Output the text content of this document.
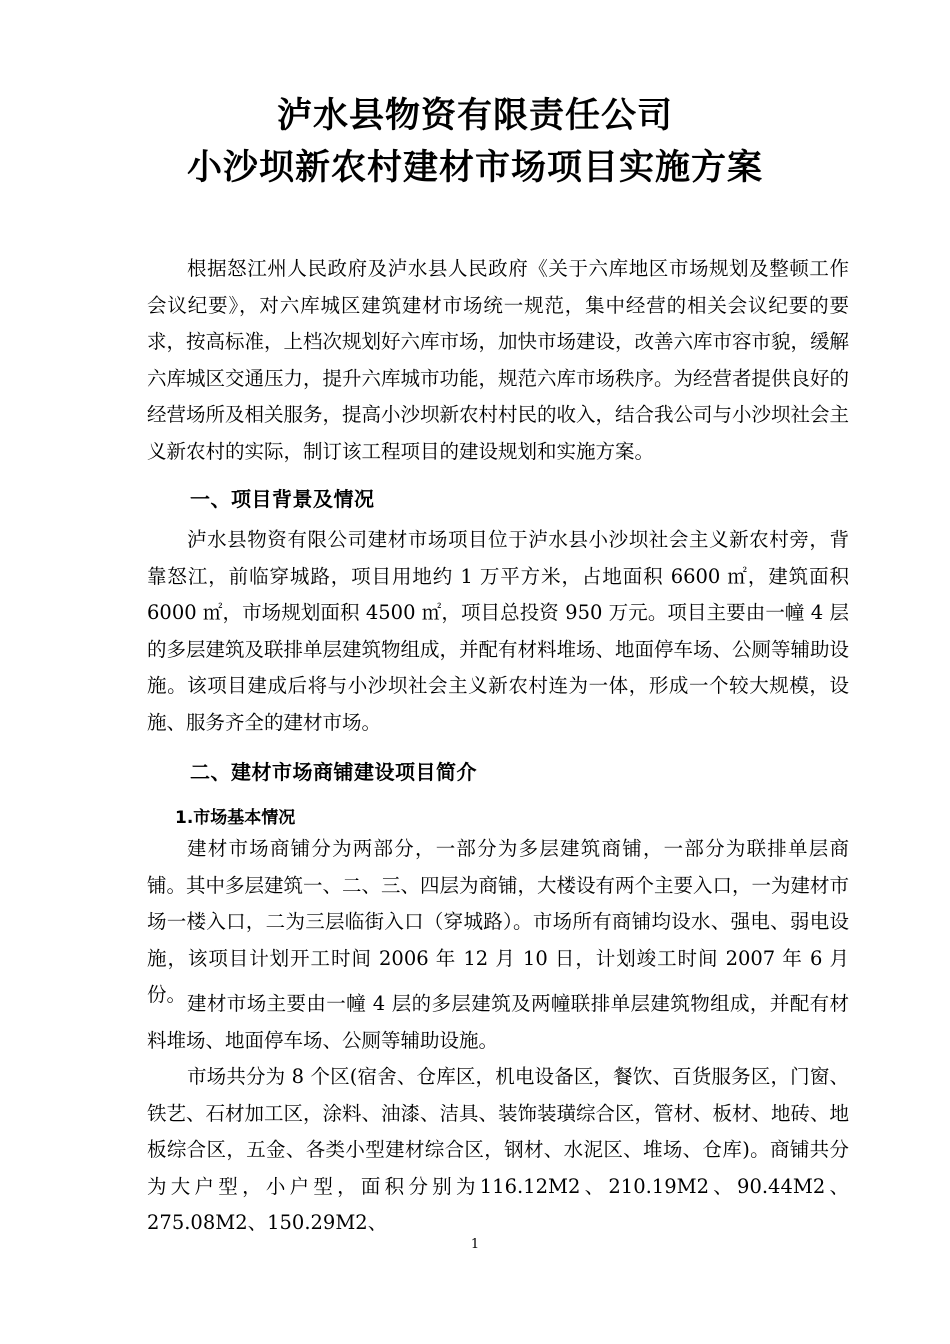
泸水县物资有限责任公司
小沙坝新农村建材市场项目实施方案

根据怒江州人民政府及泸水县人民政府《关于六库地区市场规划及整顿工作会议纪要》，对六库城区建筑建材市场统一规范，集中经营的相关会议纪要的要求，按高标准，上档次规划好六库市场，加快市场建设，改善六库市容市貌，缓解六库城区交通压力，提升六库城市功能，规范六库市场秩序。为经营者提供良好的经营场所及相关服务，提高小沙坝新农村村民的收入，结合我公司与小沙坝社会主义新农村的实际，制订该工程项目的建设规划和实施方案。

一、项目背景及情况

泸水县物资有限公司建材市场项目位于泸水县小沙坝社会主义新农村旁，背靠怒江，前临穿城路，项目用地约 1 万平方米，占地面积 6600 ㎡，建筑面积 6000 ㎡，市场规划面积 4500 ㎡，项目总投资 950 万元。项目主要由一幢 4 层的多层建筑及联排单层建筑物组成，并配有材料堆场、地面停车场、公厕等辅助设施。该项目建成后将与小沙坝社会主义新农村连为一体，形成一个较大规模，设施、服务齐全的建材市场。

二、建材市场商铺建设项目简介
1.市场基本情况

建材市场商铺分为两部分，一部分为多层建筑商铺，一部分为联排单层商铺。其中多层建筑一、二、三、四层为商铺，大楼设有两个主要入口，一为建材市场一楼入口，二为三层临街入口（穿城路）。市场所有商铺均设水、强电、弱电设施，该项目计划开工时间 2006 年 12 月 10 日，计划竣工时间 2007 年 6 月份。 建材市场主要由一幢 4 层的多层建筑及两幢联排单层建筑物组成，并配有材料堆场、地面停车场、公厕等辅助设施。

市场共分为 8 个区(宿舍、仓库区，机电设备区，餐饮、百货服务区，门窗、铁艺、石材加工区，涂料、油漆、洁具、装饰装璜综合区，管材、板材、地砖、地板综合区，五金、各类小型建材综合区，钢材、水泥区、堆场、仓库)。商铺共分为大户型，小户型，面积分别为116.12M2、210.19M2、90.44M2、275.08M2、150.29M2、

1
